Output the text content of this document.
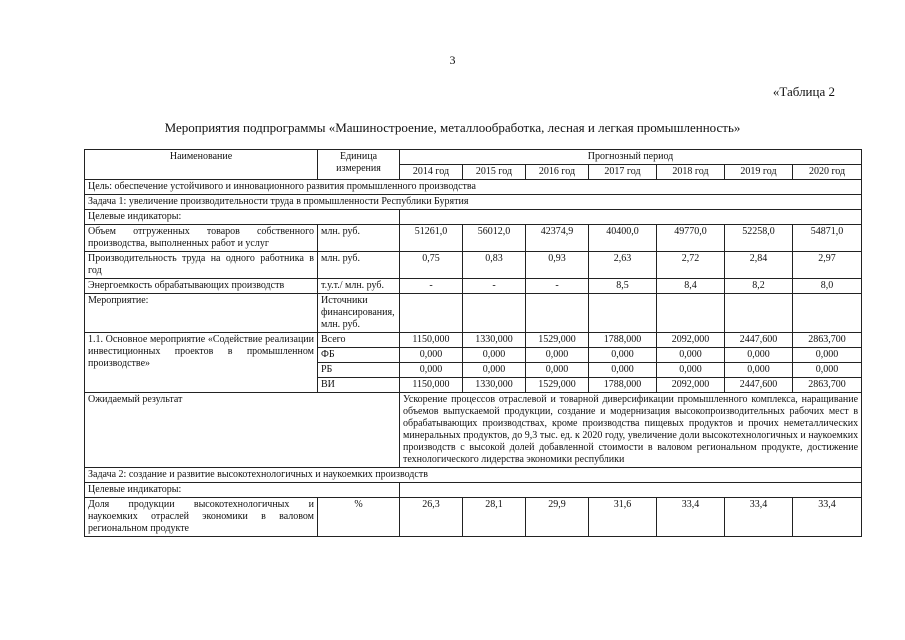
3
«Таблица 2
Мероприятия подпрограммы «Машиностроение, металлообработка, лесная и легкая промышленность»
Наименование	Единица измерения	Прогнозный период						
		2014 год	2015 год	2016 год	2017 год	2018 год	2019 год	2020 год
Цель: обеспечение устойчивого и инновационного развития промышленного производства								
Задача 1: увеличение производительности труда в промышленности Республики Бурятия								
Целевые индикаторы:								
Объем отгруженных товаров собственного производства, выполненных работ и услуг	млн. руб.	51261,0	56012,0	42374,9	40400,0	49770,0	52258,0	54871,0
Производительность труда на одного работника в год	млн. руб.	0,75	0,83	0,93	2,63	2,72	2,84	2,97
Энергоемкость обрабатывающих производств	т.у.т./ млн. руб.	-	-	-	8,5	8,4	8,2	8,0
Мероприятие:	Источники финансирования, млн. руб.							
1.1. Основное мероприятие «Содействие реализации инвестиционных проектов в промышленном производстве»	Всего	1150,000	1330,000	1529,000	1788,000	2092,000	2447,600	2863,700
	ФБ	0,000	0,000	0,000	0,000	0,000	0,000	0,000
	РБ	0,000	0,000	0,000	0,000	0,000	0,000	0,000
	ВИ	1150,000	1330,000	1529,000	1788,000	2092,000	2447,600	2863,700
Ожидаемый результат		Ускорение процессов отраслевой и товарной диверсификации промышленного комплекса, наращивание объемов выпускаемой продукции, создание и модернизация высокопроизводительных рабочих мест в обрабатывающих производствах, кроме производства пищевых продуктов и прочих неметаллических минеральных продуктов, до 9,3 тыс. ед. к 2020 году, увеличение доли высокотехнологичных и наукоемких производств с высокой долей добавленной стоимости в валовом региональном продукте, достижение технологического лидерства экономики республики						
Задача 2: создание и развитие высокотехнологичных и наукоемких производств								
Целевые индикаторы:								
Доля продукции высокотехнологичных и наукоемких отраслей экономики в валовом региональном продукте	%	26,3	28,1	29,9	31,6	33,4	33,4	33,4
